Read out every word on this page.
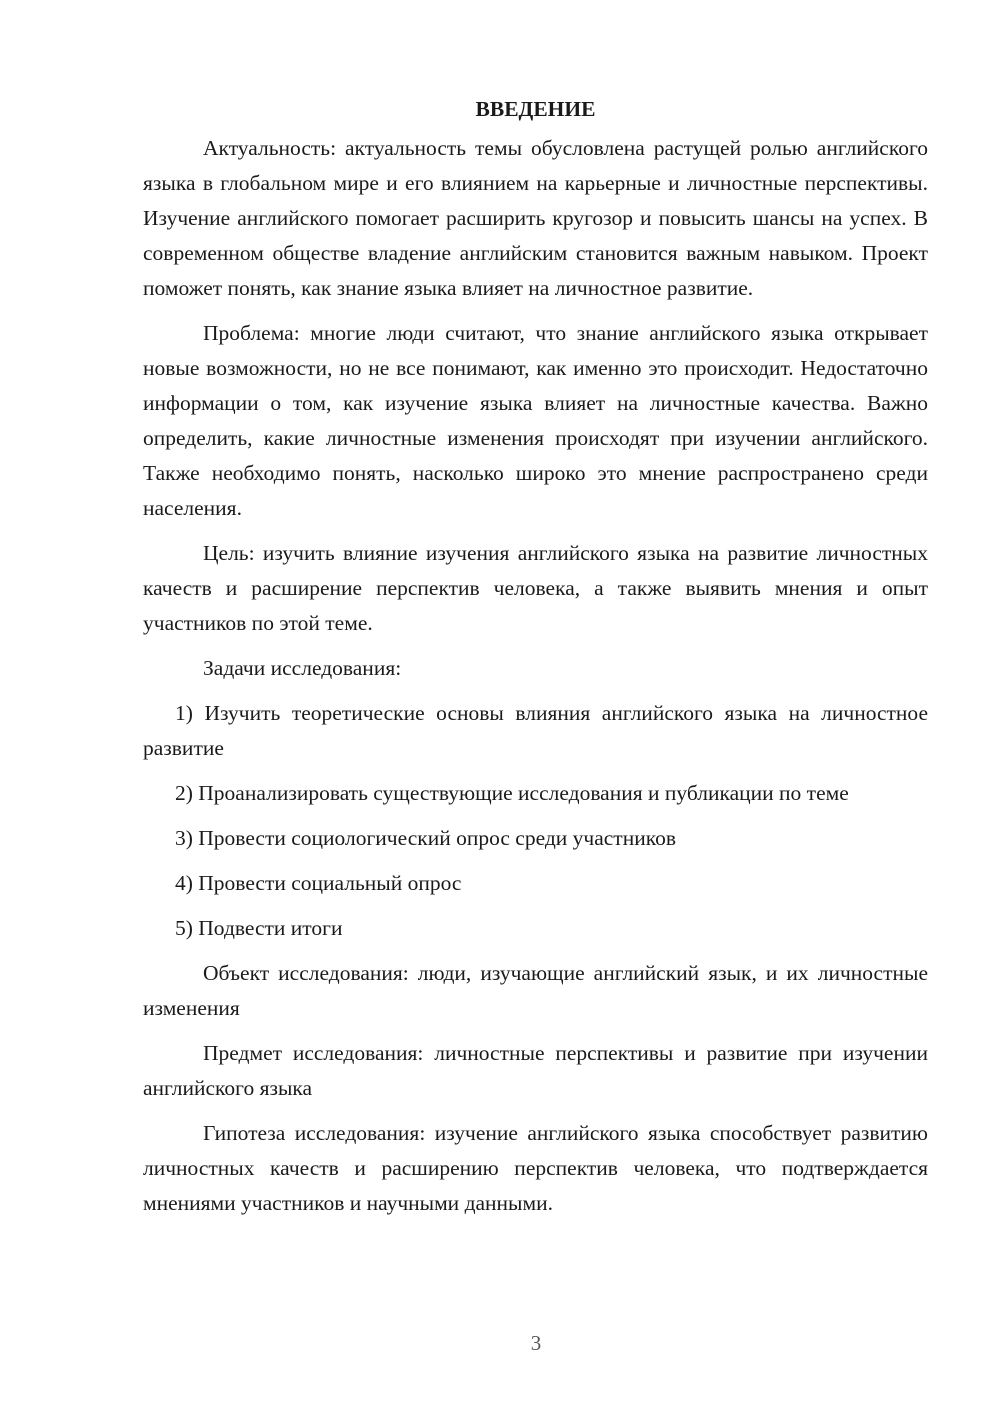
ВВЕДЕНИЕ

Актуальность: актуальность темы обусловлена растущей ролью английского языка в глобальном мире и его влиянием на карьерные и личностные перспективы. Изучение английского помогает расширить кругозор и повысить шансы на успех. В современном обществе владение английским становится важным навыком. Проект поможет понять, как знание языка влияет на личностное развитие.

Проблема: многие люди считают, что знание английского языка открывает новые возможности, но не все понимают, как именно это происходит. Недостаточно информации о том, как изучение языка влияет на личностные качества. Важно определить, какие личностные изменения происходят при изучении английского. Также необходимо понять, насколько широко это мнение распространено среди населения.

Цель: изучить влияние изучения английского языка на развитие личностных качеств и расширение перспектив человека, а также выявить мнения и опыт участников по этой теме.

Задачи исследования:

1) Изучить теоретические основы влияния английского языка на личностное развитие

2) Проанализировать существующие исследования и публикации по теме

3) Провести социологический опрос среди участников

4) Провести социальный опрос

5) Подвести итоги

Объект исследования: люди, изучающие английский язык, и их личностные изменения

Предмет исследования: личностные перспективы и развитие при изучении английского языка

Гипотеза исследования: изучение английского языка способствует развитию личностных качеств и расширению перспектив человека, что подтверждается мнениями участников и научными данными.

3
